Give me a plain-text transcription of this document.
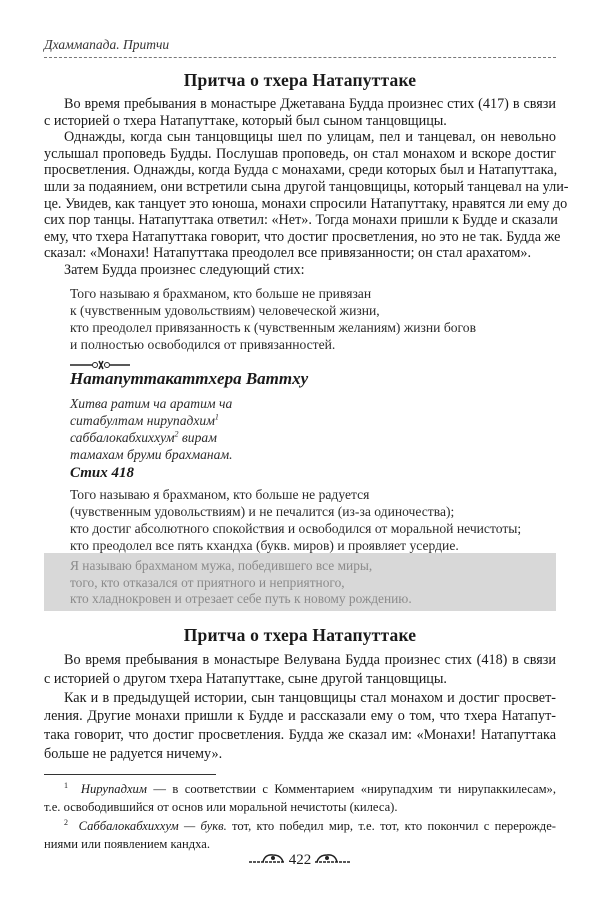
Дхаммапада. Притчи
Притча о тхера Натапуттаке
Во время пребывания в монастыре Джетавана Будда произнес стих (417) в связи
с историей о тхера Натапуттаке, который был сыном танцовщицы.
Однажды, когда сын танцовщицы шел по улицам, пел и танцевал, он невольно
услышал проповедь Будды. Послушав проповедь, он стал монахом и вскоре достиг
просветления. Однажды, когда Будда с монахами, среди которых был и Натапуттака,
шли за подаянием, они встретили сына другой танцовщицы, который танцевал на ули-
це. Увидев, как танцует это юноша, монахи спросили Натапуттаку, нравятся ли ему до
сих пор танцы. Натапуттака ответил: «Нет». Тогда монахи пришли к Будде и сказали
ему, что тхера Натапуттака говорит, что достиг просветления, но это не так. Будда же
сказал: «Монахи! Натапуттака преодолел все привязанности; он стал арахатом».
Затем Будда произнес следующий стих:
Того называю я брахманом, кто больше не привязан
к (чувственным удовольствиям) человеческой жизни,
кто преодолел привязанность к (чувственным желаниям) жизни богов
и полностью освободился от привязанностей.
Натапуттакаттхера Ваттху
Хитва ратим ча аратим ча
ситабултам нирупадхим$^1$
саббалокабхиххум$^2$ вирам
тамахам бруми брахманам.
Стих 418
Того называю я брахманом, кто больше не радуется
(чувственным удовольствиям) и не печалится (из-за одиночества);
кто достиг абсолютного спокойствия и освободился от моральной нечистоты;
кто преодолел все пять кхандха (букв. миров) и проявляет усердие.
Я называю брахманом мужа, победившего все миры,
того, кто отказался от приятного и неприятного,
кто хладнокровен и отрезает себе путь к новому рождению.
Притча о тхера Натапуттаке
Во время пребывания в монастыре Велувана Будда произнес стих (418) в связи
с историей о другом тхера Натапуттаке, сыне другой танцовщицы.
Как и в предыдущей истории, сын танцовщицы стал монахом и достиг просвет-
ления. Другие монахи пришли к Будде и рассказали ему о том, что тхера Натапут-
така говорит, что достиг просветления. Будда же сказал им: «Монахи! Натапуттака
больше не радуется ничему».
$^1$ Нирупадхим — в соответствии с Комментарием «нирупадхим ти нирупаккилесам»,
т.е. освободившийся от основ или моральной нечистоты (килеса).
$^2$ Саббалокабхиххум — букв. тот, кто победил мир, т.е. тот, кто покончил с перерожде-
ниями или появлением кандха.
422
